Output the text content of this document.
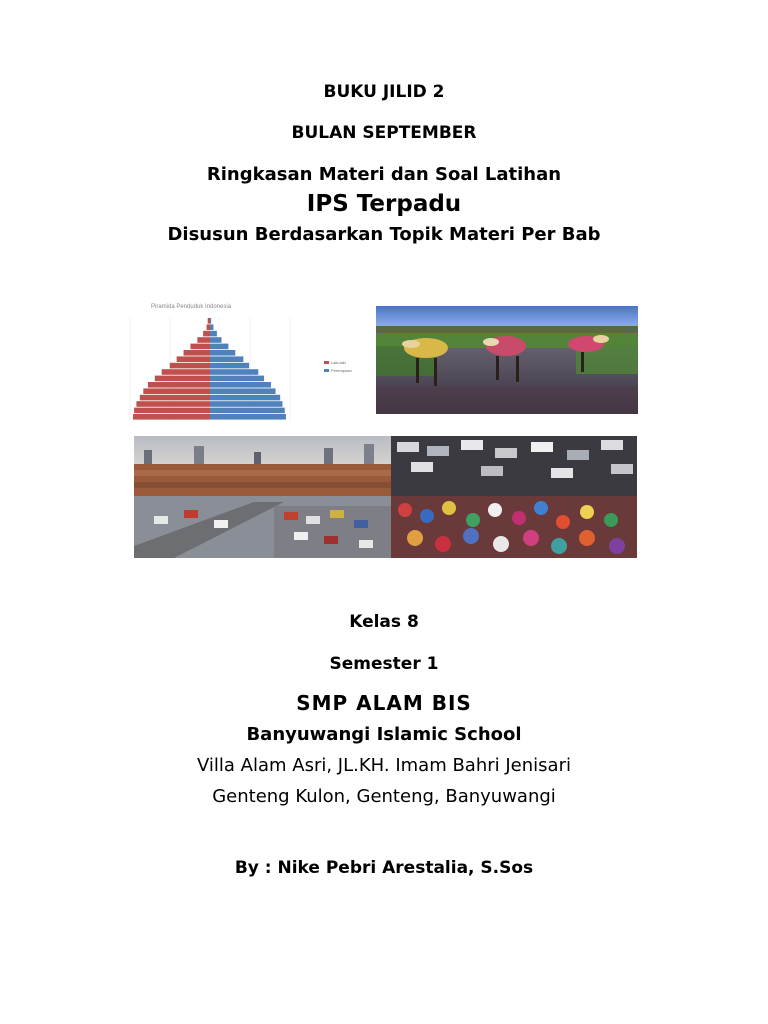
BUKU JILID 2
BULAN SEPTEMBER
Ringkasan Materi dan Soal Latihan
IPS Terpadu
Disusun Berdasarkan Topik Materi Per Bab
Piramida Penduduk Indonesia
Laki-laki
Perempuan
Kelas 8
Semester 1
SMP ALAM BIS
Banyuwangi Islamic School
Villa Alam Asri, JL.KH. Imam Bahri Jenisari
Genteng Kulon, Genteng, Banyuwangi
By : Nike Pebri Arestalia, S.Sos
